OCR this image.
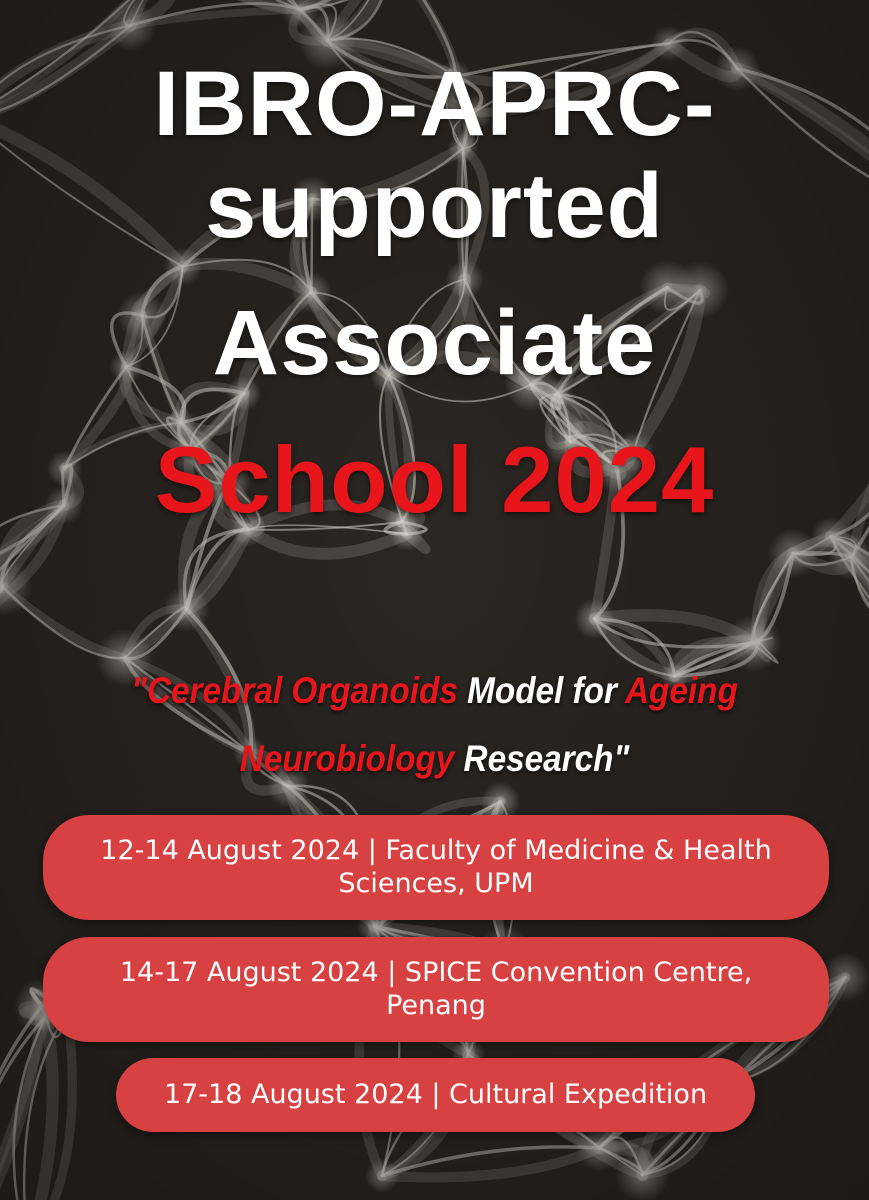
IBRO-APRC-
supported
Associate
School 2024
"Cerebral Organoids Model for Ageing
Neurobiology Research"
12-14 August 2024 | Faculty of Medicine & Health Sciences, UPM
14-17 August 2024 | SPICE Convention Centre, Penang
17-18 August 2024 | Cultural Expedition
